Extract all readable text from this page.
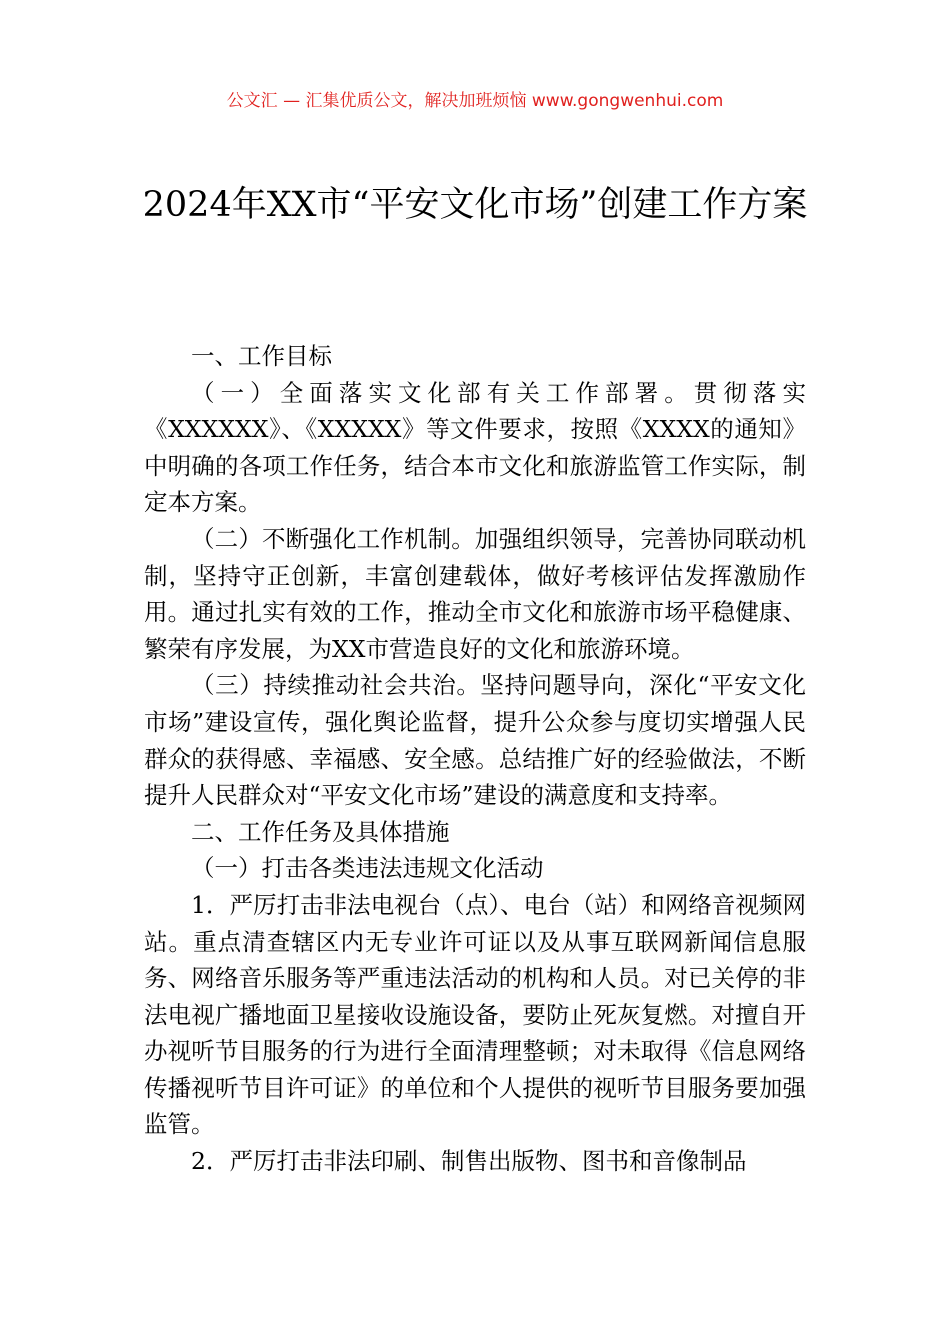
公文汇 — 汇集优质公文，解决加班烦恼 www.gongwenhui.com
2024年XX市“平安文化市场”创建工作方案

一、工作目标

（一）全面落实文化部有关工作部署。贯彻落实《XXXXXX》、《XXXXX》等文件要求，按照《XXXX的通知》中明确的各项工作任务，结合本市文化和旅游监管工作实际，制定本方案。

（二）不断强化工作机制。加强组织领导，完善协同联动机制，坚持守正创新，丰富创建载体，做好考核评估发挥激励作用。通过扎实有效的工作，推动全市文化和旅游市场平稳健康、繁荣有序发展，为XX市营造良好的文化和旅游环境。

（三）持续推动社会共治。坚持问题导向，深化“平安文化市场”建设宣传，强化舆论监督，提升公众参与度切实增强人民群众的获得感、幸福感、安全感。总结推广好的经验做法，不断提升人民群众对“平安文化市场”建设的满意度和支持率。

二、工作任务及具体措施

（一）打击各类违法违规文化活动

1．严厉打击非法电视台（点）、电台（站）和网络音视频网站。重点清查辖区内无专业许可证以及从事互联网新闻信息服务、网络音乐服务等严重违法活动的机构和人员。对已关停的非法电视广播地面卫星接收设施设备，要防止死灰复燃。对擅自开办视听节目服务的行为进行全面清理整顿；对未取得《信息网络传播视听节目许可证》的单位和个人提供的视听节目服务要加强监管。

2．严厉打击非法印刷、制售出版物、图书和音像制品
